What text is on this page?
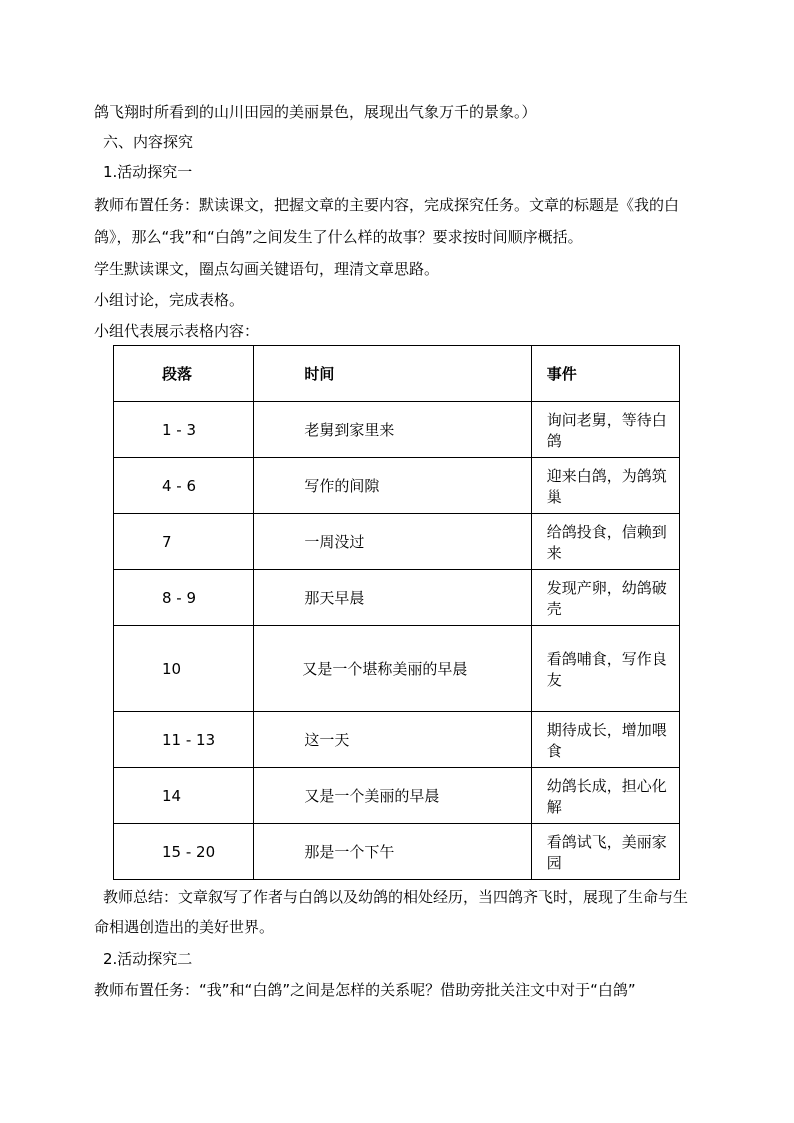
鸽飞翔时所看到的山川田园的美丽景色，展现出气象万千的景象。）
六、内容探究
1.活动探究一
教师布置任务：默读课文，把握文章的主要内容，完成探究任务。文章的标题是《我的白
鸽》，那么“我”和“白鸽”之间发生了什么样的故事？要求按时间顺序概括。
学生默读课文，圈点勾画关键语句，理清文章思路。
小组讨论，完成表格。
小组代表展示表格内容：
段落	时间	事件
1 - 3	老舅到家里来	询问老舅，等待白鸽
4 - 6	写作的间隙	迎来白鸽，为鸽筑巢
7	一周没过	给鸽投食，信赖到来
8 - 9	那天早晨	发现产卵，幼鸽破壳
10	又是一个堪称美丽的早晨	看鸽哺食，写作良友
11 - 13	这一天	期待成长，增加喂食
14	又是一个美丽的早晨	幼鸽长成，担心化解
15 - 20	那是一个下午	看鸽试飞，美丽家园
教师总结：文章叙写了作者与白鸽以及幼鸽的相处经历，当四鸽齐飞时，展现了生命与生
命相遇创造出的美好世界。
2.活动探究二
教师布置任务：“我”和“白鸽”之间是怎样的关系呢？借助旁批关注文中对于“白鸽”
